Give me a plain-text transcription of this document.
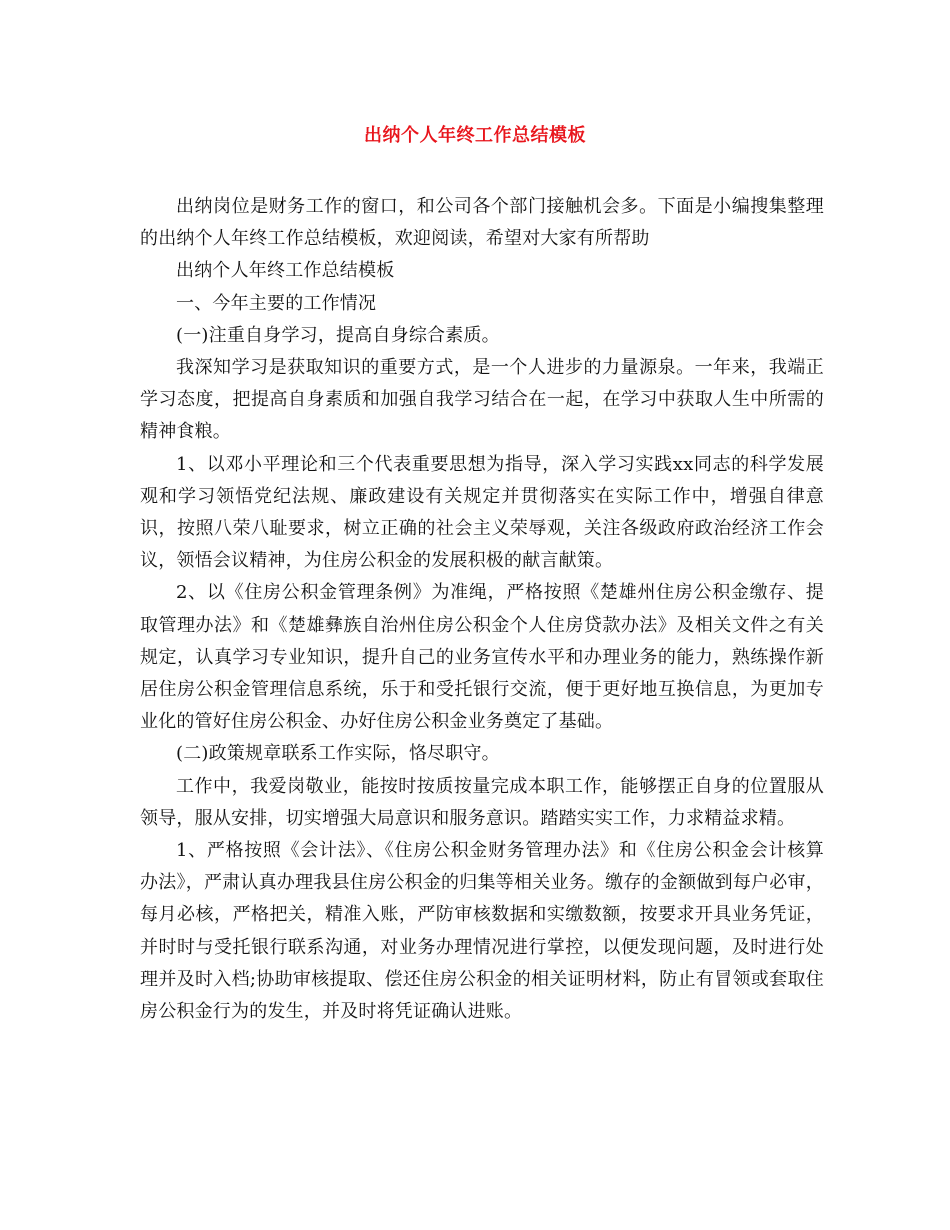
出纳个人年终工作总结模板

出纳岗位是财务工作的窗口，和公司各个部门接触机会多。下面是小编搜集整理的出纳个人年终工作总结模板，欢迎阅读，希望对大家有所帮助

出纳个人年终工作总结模板

一、今年主要的工作情况

(一)注重自身学习，提高自身综合素质。

我深知学习是获取知识的重要方式，是一个人进步的力量源泉。一年来，我端正学习态度，把提高自身素质和加强自我学习结合在一起，在学习中获取人生中所需的精神食粮。

1、以邓小平理论和三个代表重要思想为指导，深入学习实践xx同志的科学发展观和学习领悟党纪法规、廉政建设有关规定并贯彻落实在实际工作中，增强自律意识，按照八荣八耻要求，树立正确的社会主义荣辱观，关注各级政府政治经济工作会议，领悟会议精神，为住房公积金的发展积极的献言献策。

2、以《住房公积金管理条例》为准绳，严格按照《楚雄州住房公积金缴存、提取管理办法》和《楚雄彝族自治州住房公积金个人住房贷款办法》及相关文件之有关规定，认真学习专业知识，提升自己的业务宣传水平和办理业务的能力，熟练操作新居住房公积金管理信息系统，乐于和受托银行交流，便于更好地互换信息，为更加专业化的管好住房公积金、办好住房公积金业务奠定了基础。

(二)政策规章联系工作实际，恪尽职守。

工作中，我爱岗敬业，能按时按质按量完成本职工作，能够摆正自身的位置服从领导，服从安排，切实增强大局意识和服务意识。踏踏实实工作，力求精益求精。

1、严格按照《会计法》、《住房公积金财务管理办法》和《住房公积金会计核算办法》，严肃认真办理我县住房公积金的归集等相关业务。缴存的金额做到每户必审，每月必核，严格把关，精准入账，严防审核数据和实缴数额，按要求开具业务凭证，并时时与受托银行联系沟通，对业务办理情况进行掌控，以便发现问题，及时进行处理并及时入档;协助审核提取、偿还住房公积金的相关证明材料，防止有冒领或套取住房公积金行为的发生，并及时将凭证确认进账。
